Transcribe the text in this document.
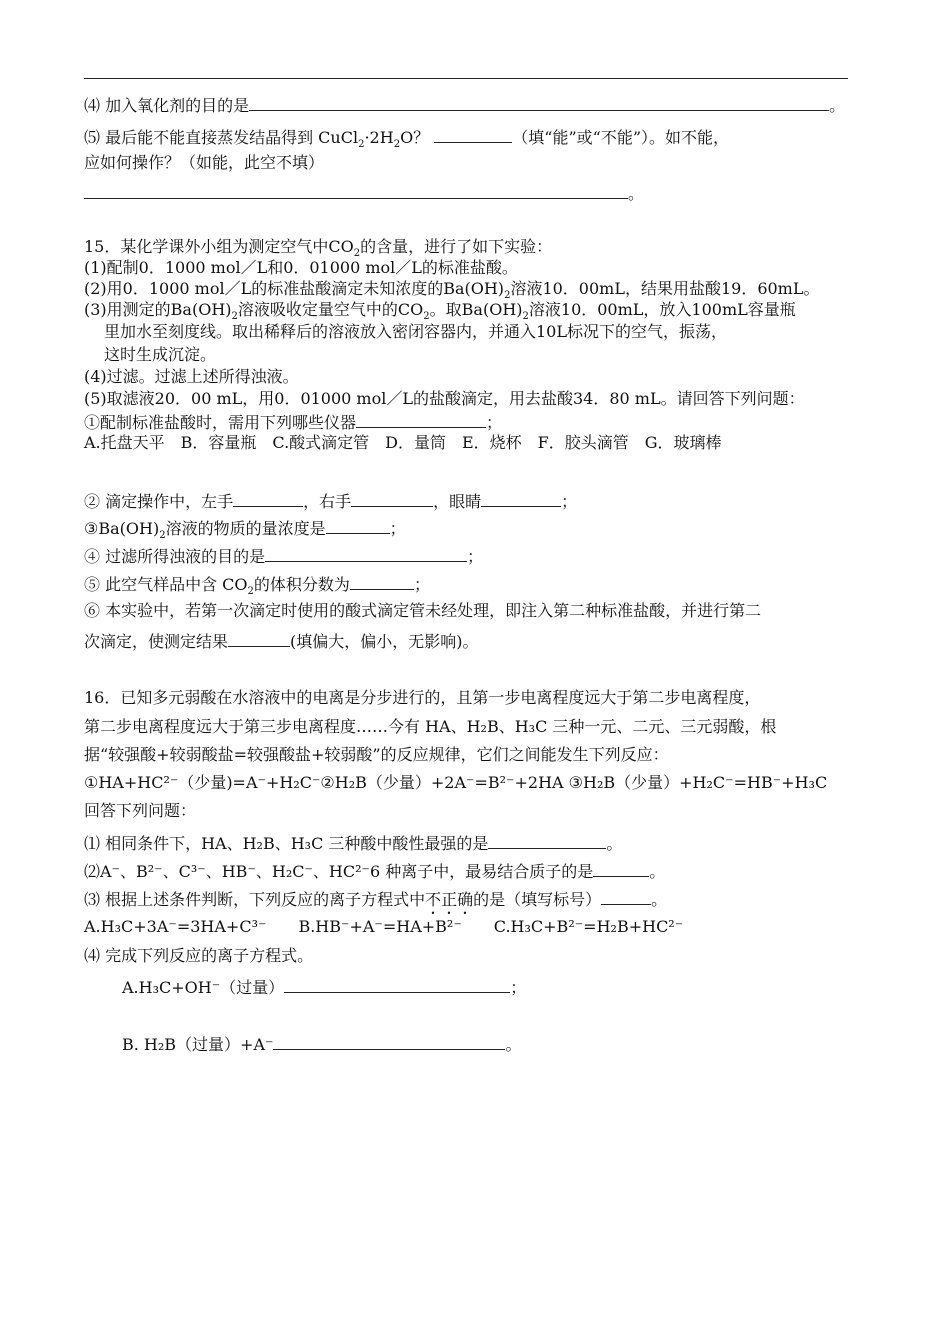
⑷ 加入氧化剂的目的是	。
⑸ 最后能不能直接蒸发结晶得到 $CuCl_2\cdot 2H_2O$？	（填“能”或“不能”）。如不能，
应如何操作？（如能，此空不填）
。
15．某化学课外小组为测定空气中$CO_2$的含量，进行了如下实验：
(1)配制0．1000 mol／L和0．01000 mol／L的标准盐酸。
(2)用0．1000 mol／L的标准盐酸滴定未知浓度的$Ba(OH)_2$溶液10．00mL，结果用盐酸19．60mL。
(3)用测定的$Ba(OH)_2$溶液吸收定量空气中的$CO_2$。取$Ba(OH)_2$溶液10．00mL，放入100mL容量瓶
里加水至刻度线。取出稀释后的溶液放入密闭容器内，并通入10L标况下的空气，振荡，
这时生成沉淀。
(4)过滤。过滤上述所得浊液。
(5)取滤液20．00 mL，用0．01000 mol／L的盐酸滴定，用去盐酸34．80 mL。请回答下列问题：
①配制标准盐酸时，需用下列哪些仪器	；
A.托盘天平　B．容量瓶　C.酸式滴定管　D．量筒　E．烧杯　F．胶头滴管　G．玻璃棒
② 滴定操作中，左手	，右手	，眼睛	；
$③Ba(OH)_2$溶液的物质的量浓度是	；
④ 过滤所得浊液的目的是	；
⑤ 此空气样品中含 $CO_2$的体积分数为	；
⑥ 本实验中，若第一次滴定时使用的酸式滴定管未经处理，即注入第二种标准盐酸，并进行第二
次滴定，使测定结果	(填偏大，偏小，无影响)。
16．已知多元弱酸在水溶液中的电离是分步进行的，且第一步电离程度远大于第二步电离程度，
第二步电离程度远大于第三步电离程度……今有 HA、H₂B、H₃C 三种一元、二元、三元弱酸，根
据“较强酸+较弱酸盐=较强酸盐+较弱酸”的反应规律，它们之间能发生下列反应：
①HA+HC²⁻（少量)=A⁻+H₂C⁻②H₂B（少量）+2A⁻=B²⁻+2HA ③H₂B（少量）+H₂C⁻=HB⁻+H₃C
回答下列问题：
⑴ 相同条件下，HA、H₂B、H₃C 三种酸中酸性最强的是	。
⑵A⁻、B²⁻、C³⁻、HB⁻、H₂C⁻、HC²⁻6 种离子中，最易结合质子的是	。
⑶ 根据上述条件判断，下列反应的离子方程式中不正确的是（填写标号）	。
A.H₃C+3A⁻=3HA+C³⁻　　B.HB⁻+A⁻=HA+B²⁻　　C.H₃C+B²⁻=H₂B+HC²⁻
⑷ 完成下列反应的离子方程式。
A.H₃C+OH⁻（过量）	；
B. H₂B（过量）+A⁻	。
